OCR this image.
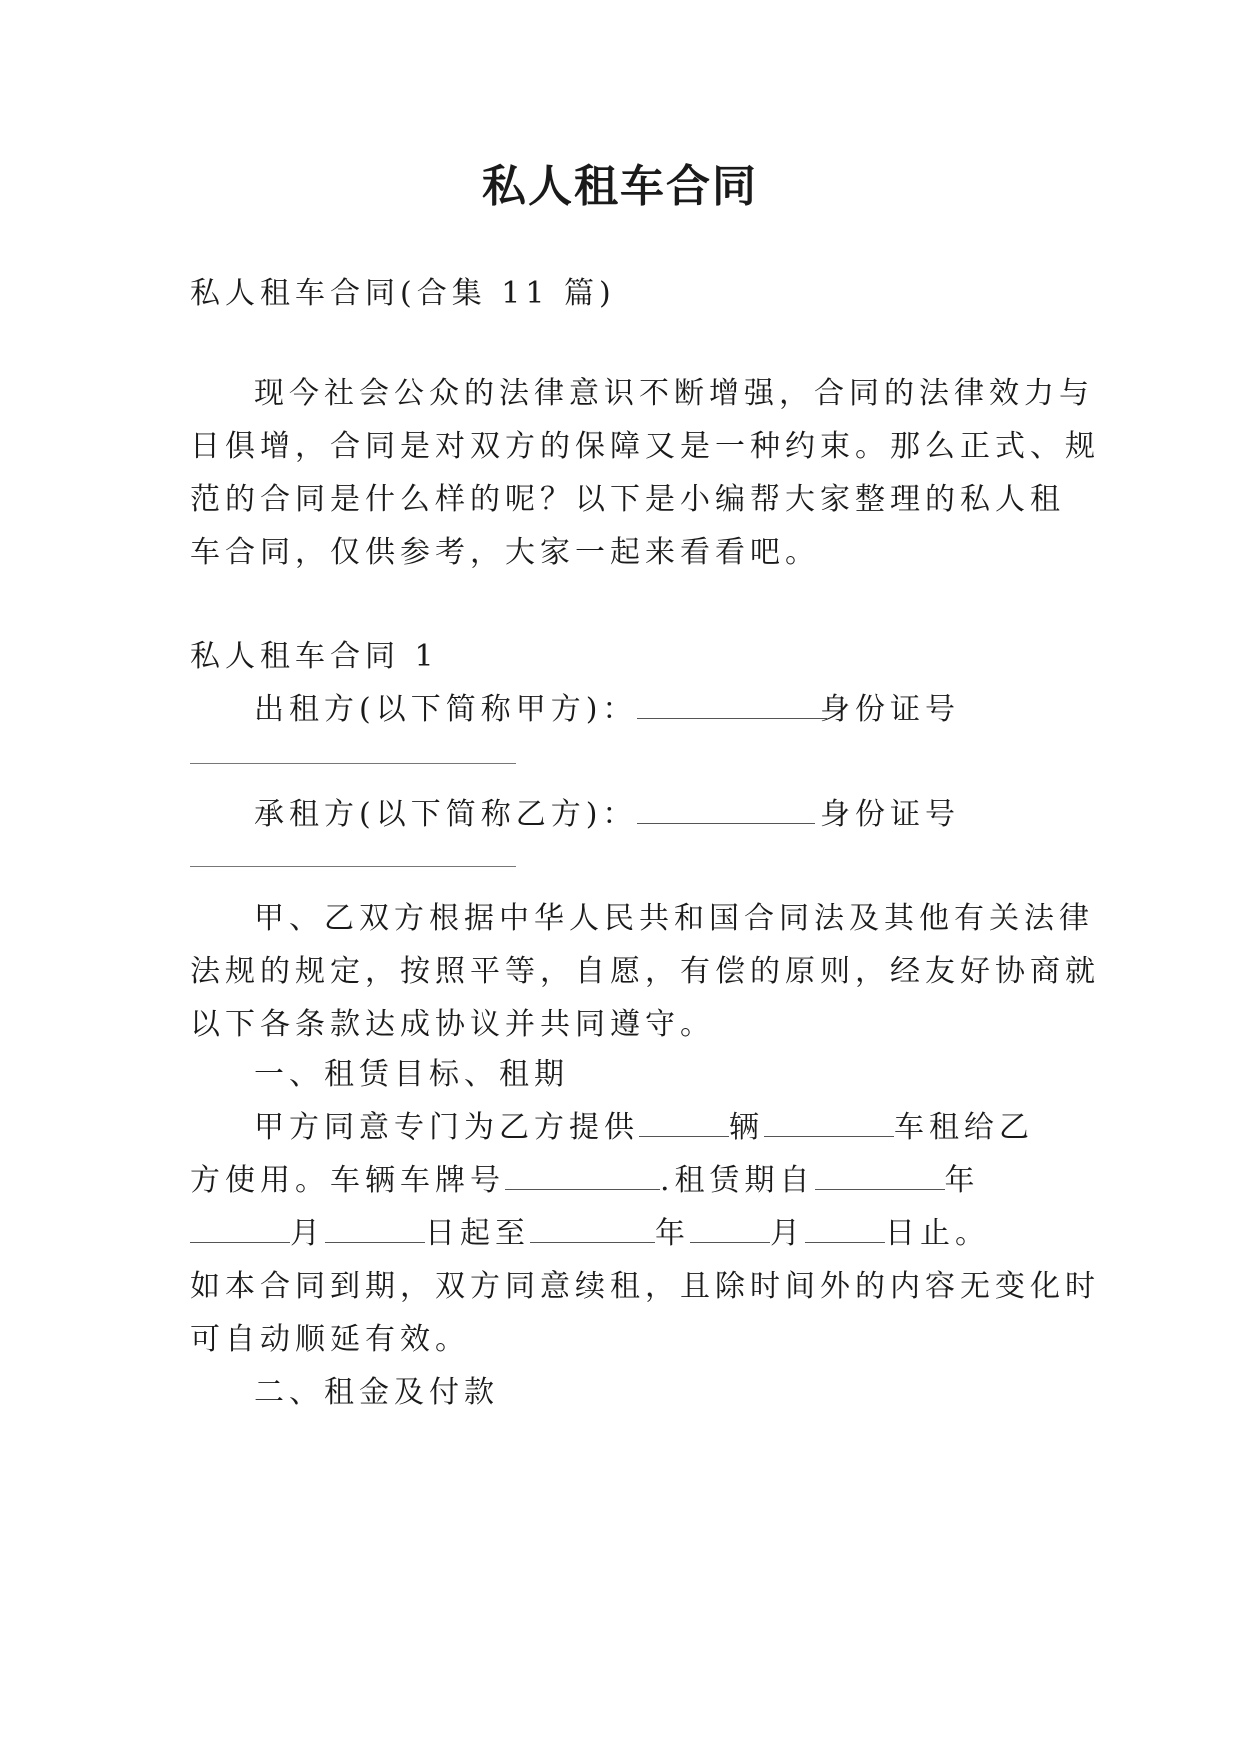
私人租车合同

私人租车合同(合集 11 篇)

现今社会公众的法律意识不断增强，合同的法律效力与

日俱增，合同是对双方的保障又是一种约束。那么正式、规

范的合同是什么样的呢？以下是小编帮大家整理的私人租

车合同，仅供参考，大家一起来看看吧。

私人租车合同 1

出租方(以下简称甲方)：	身份证号

承租方(以下简称乙方)：	身份证号

甲、乙双方根据中华人民共和国合同法及其他有关法律

法规的规定，按照平等，自愿，有偿的原则，经友好协商就

以下各条款达成协议并共同遵守。

一、租赁目标、租期

甲方同意专门为乙方提供	辆	车租给乙

方使用。车辆车牌号	.租赁期自	年

月	日起至	年	月	日止。

如本合同到期，双方同意续租，且除时间外的内容无变化时

可自动顺延有效。

二、租金及付款
